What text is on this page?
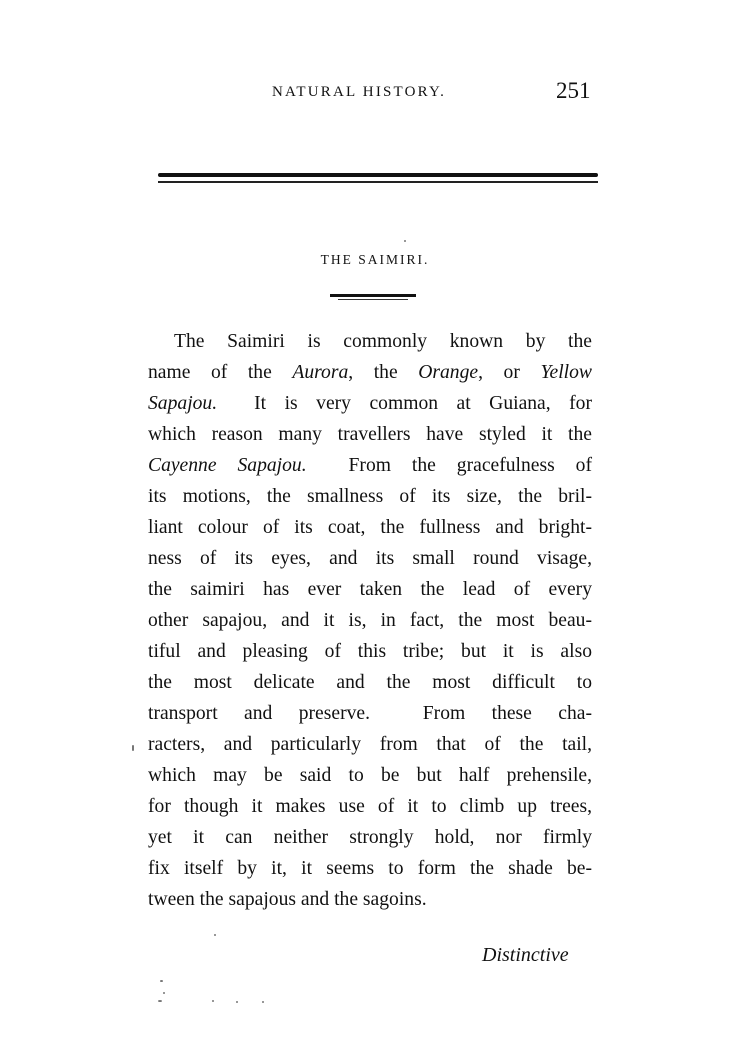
NATURAL HISTORY.	251
THE SAIMIRI.
The Saimiri is commonly known by the
name of the Aurora, the Orange, or Yellow
Sapajou.  It is very common at Guiana, for
which reason many travellers have styled it the
Cayenne Sapajou.  From the gracefulness of
its motions, the smallness of its size, the bril-
liant colour of its coat, the fullness and bright-
ness of its eyes, and its small round visage,
the saimiri has ever taken the lead of every
other sapajou, and it is, in fact, the most beau-
tiful and pleasing of this tribe; but it is also
the most delicate and the most difficult to
transport and preserve.  From these cha-
racters, and particularly from that of the tail,
which may be said to be but half prehensile,
for though it makes use of it to climb up trees,
yet it can neither strongly hold, nor firmly
fix itself by it, it seems to form the shade be-
tween the sapajous and the sagoins.
Distinctive
